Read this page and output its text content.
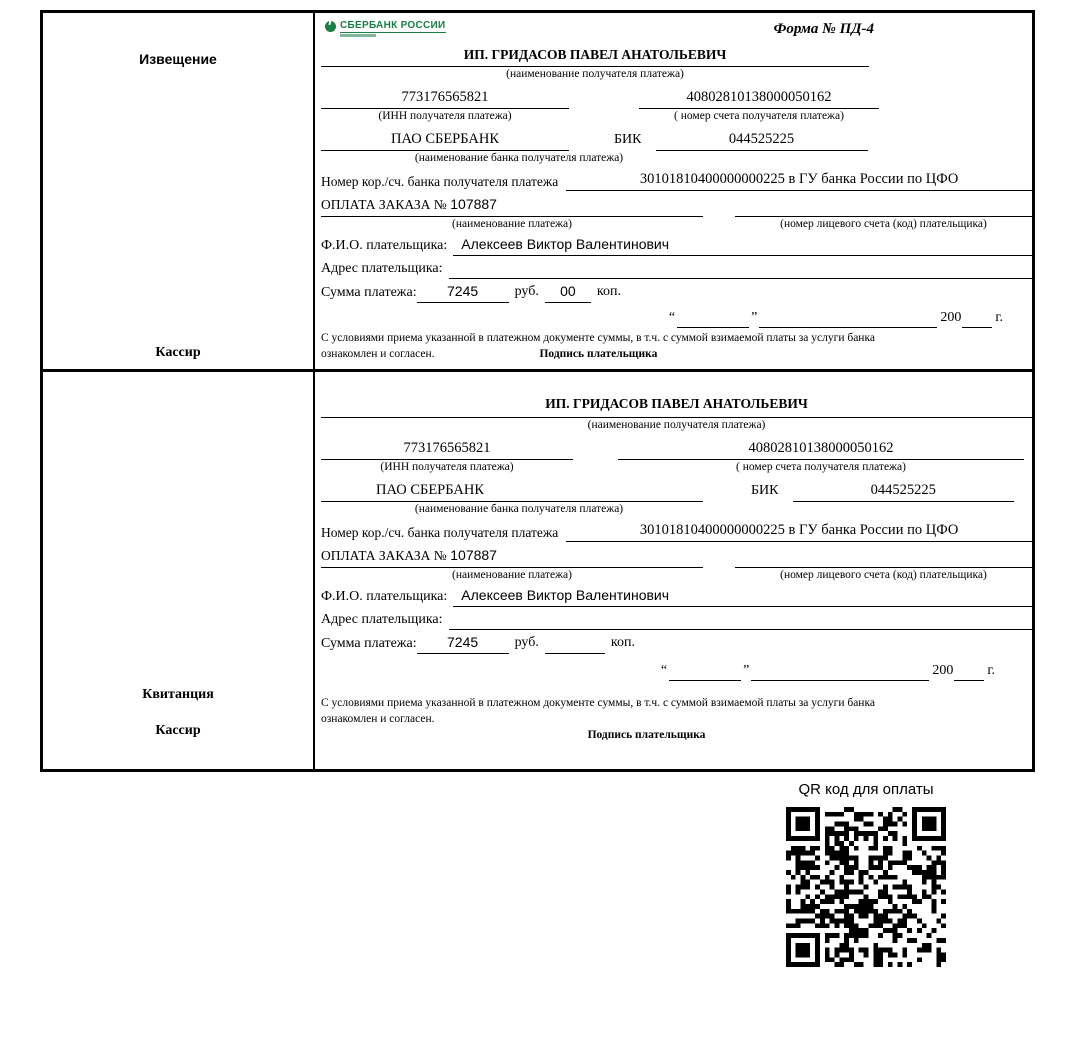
Извещение
Кассир
СБЕРБАНК РОССИИ	Форма № ПД-4
ИП. ГРИДАСОВ ПАВЕЛ АНАТОЛЬЕВИЧ
(наименование получателя платежа)
773176565821	40802810138000050162
(ИНН получателя платежа)	( номер счета получателя платежа)
ПАО СБЕРБАНК	БИК	044525225
(наименование банка получателя платежа)
Номер кор./сч. банка получателя платежа	30101810400000000225 в ГУ банка России по ЦФО
ОПЛАТА ЗАКАЗА № 107887
(наименование платежа)	(номер лицевого счета (код) плательщика)
Ф.И.О. плательщика:	Алексеев Виктор Валентинович
Адрес плательщика:
Сумма платежа:	7245	руб.	00	коп.
“	”	200 г.
С условиями приема указанной в платежном документе суммы, в т.ч. с суммой взимаемой платы за услуги банка
ознакомлен и согласен.	Подпись плательщика
Квитанция
Кассир
ИП. ГРИДАСОВ ПАВЕЛ АНАТОЛЬЕВИЧ
(наименование получателя платежа)
773176565821	40802810138000050162
(ИНН получателя платежа)	( номер счета получателя платежа)
ПАО СБЕРБАНК	БИК	044525225
(наименование банка получателя платежа)
Номер кор./сч. банка получателя платежа	30101810400000000225 в ГУ банка России по ЦФО
ОПЛАТА ЗАКАЗА № 107887
(наименование платежа)	(номер лицевого счета (код) плательщика)
Ф.И.О. плательщика:	Алексеев Виктор Валентинович
Адрес плательщика:
Сумма платежа:	7245	руб.	коп.
“	”	200 г.
С условиями приема указанной в платежном документе суммы, в т.ч. с суммой взимаемой платы за услуги банка
ознакомлен и согласен.
Подпись плательщика
QR код для оплаты
